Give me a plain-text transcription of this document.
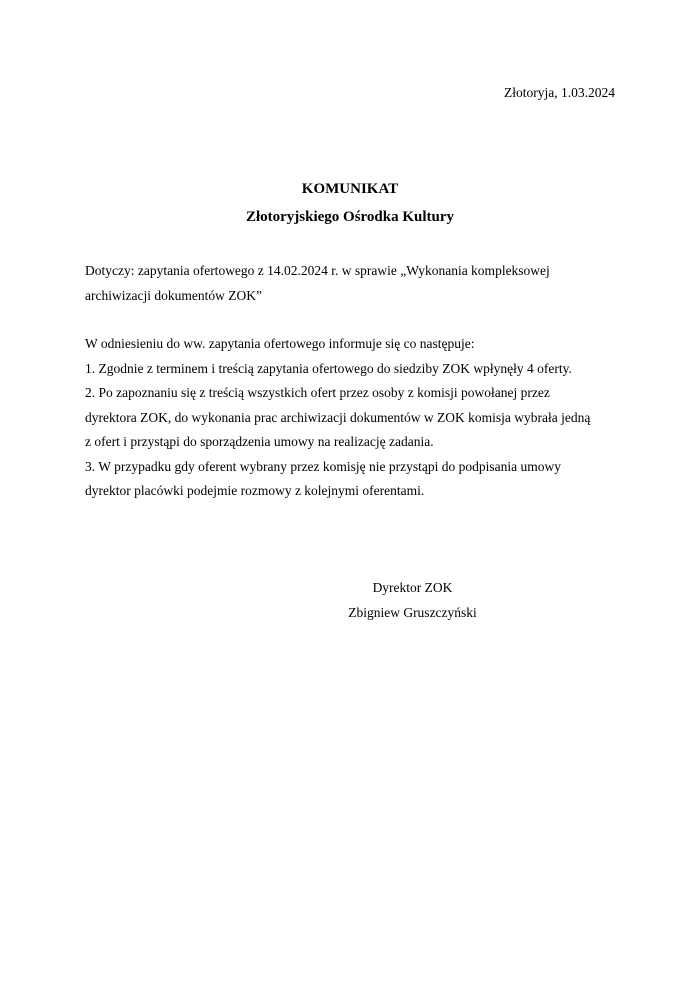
Złotoryja, 1.03.2024
KOMUNIKAT
Złotoryjskiego Ośrodka Kultury
Dotyczy: zapytania ofertowego z 14.02.2024 r. w sprawie „Wykonania kompleksowej
archiwizacji dokumentów ZOK”
W odniesieniu do ww. zapytania ofertowego informuje się co następuje:
1. Zgodnie z terminem i treścią zapytania ofertowego do siedziby ZOK wpłynęły 4 oferty.
2. Po zapoznaniu się z treścią wszystkich ofert przez osoby z komisji powołanej przez
dyrektora ZOK, do wykonania prac archiwizacji dokumentów w ZOK komisja wybrała jedną
z ofert i przystąpi do sporządzenia umowy na realizację zadania.
3. W przypadku gdy oferent wybrany przez komisję nie przystąpi do podpisania umowy
dyrektor placówki podejmie rozmowy z kolejnymi oferentami.
Dyrektor ZOK
Zbigniew Gruszczyński
